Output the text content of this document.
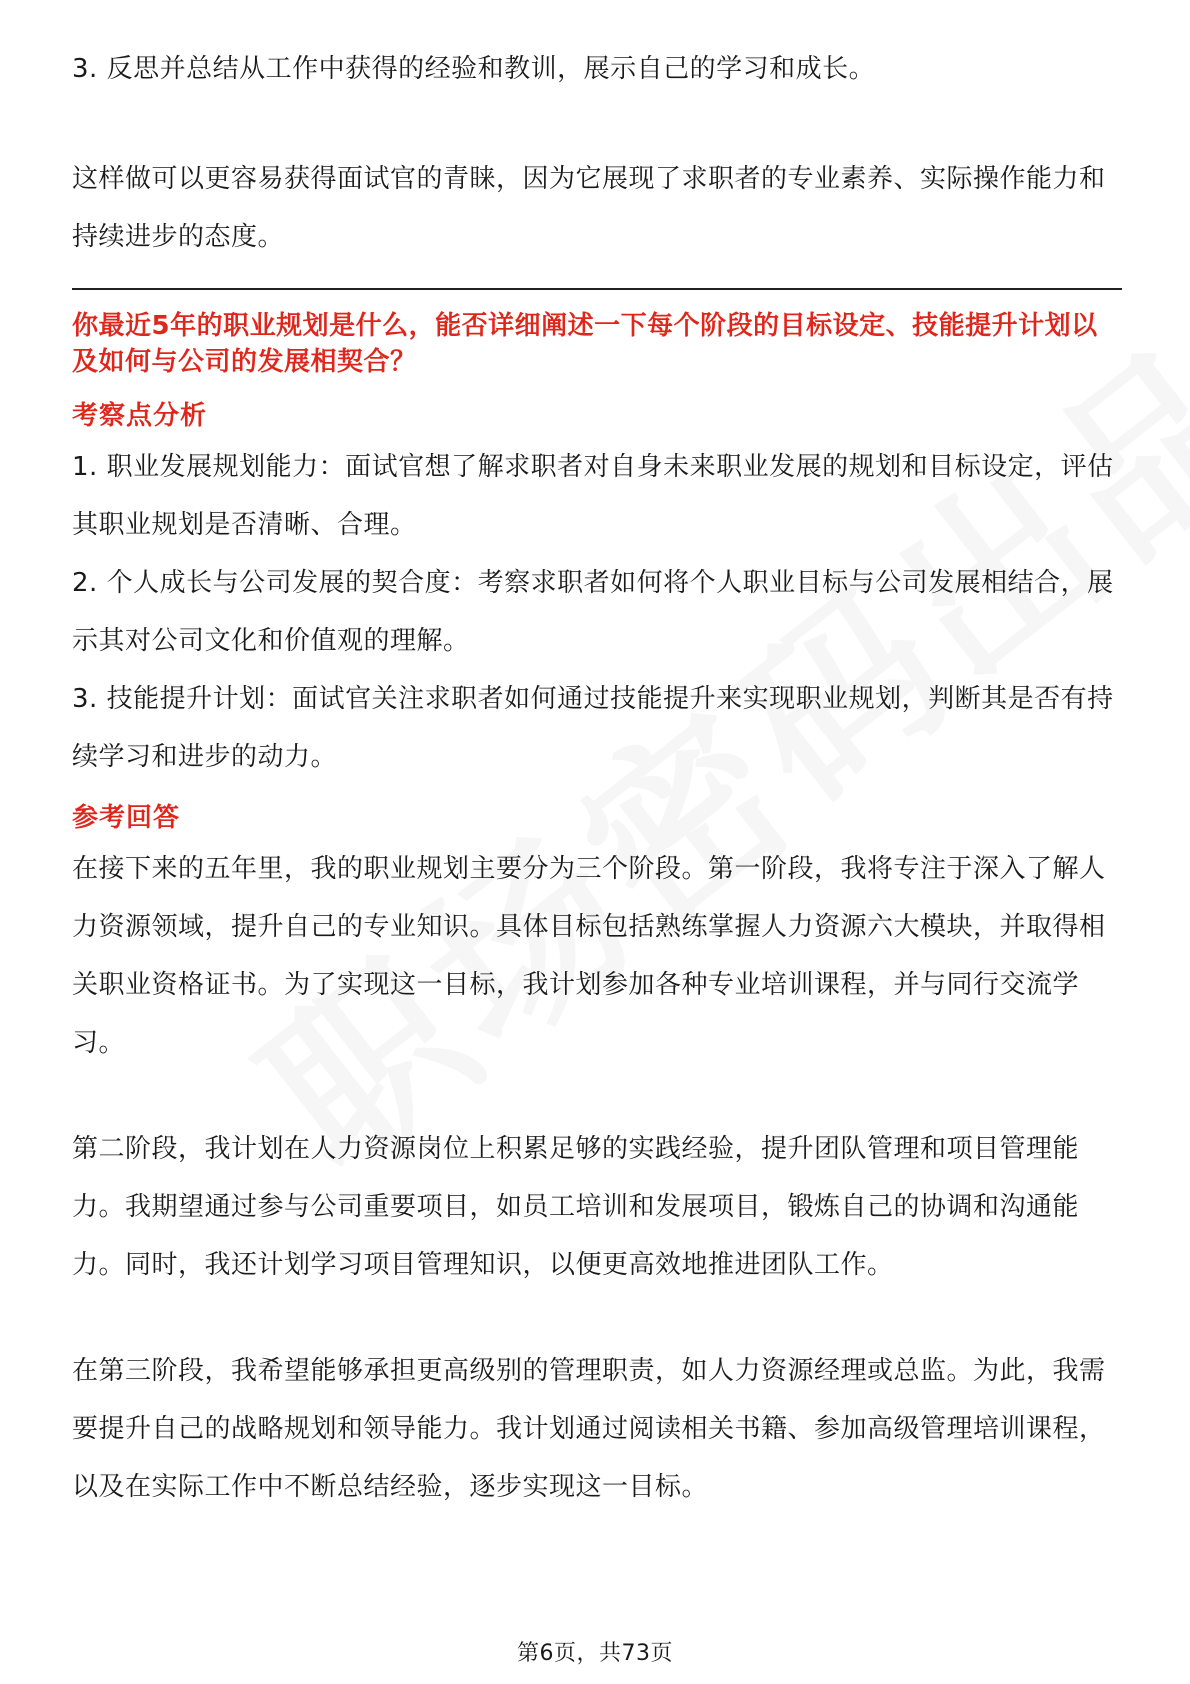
3. 反思并总结从工作中获得的经验和教训，展示自己的学习和成长。

这样做可以更容易获得面试官的青睐，因为它展现了求职者的专业素养、实际操作能力和持续进步的态度。

你最近5年的职业规划是什么，能否详细阐述一下每个阶段的目标设定、技能提升计划以及如何与公司的发展相契合？

考察点分析

1. 职业发展规划能力：面试官想了解求职者对自身未来职业发展的规划和目标设定，评估其职业规划是否清晰、合理。

2. 个人成长与公司发展的契合度：考察求职者如何将个人职业目标与公司发展相结合，展示其对公司文化和价值观的理解。

3. 技能提升计划：面试官关注求职者如何通过技能提升来实现职业规划，判断其是否有持续学习和进步的动力。

参考回答

在接下来的五年里，我的职业规划主要分为三个阶段。第一阶段，我将专注于深入了解人力资源领域，提升自己的专业知识。具体目标包括熟练掌握人力资源六大模块，并取得相关职业资格证书。为了实现这一目标，我计划参加各种专业培训课程，并与同行交流学习。

第二阶段，我计划在人力资源岗位上积累足够的实践经验，提升团队管理和项目管理能力。我期望通过参与公司重要项目，如员工培训和发展项目，锻炼自己的协调和沟通能力。同时，我还计划学习项目管理知识，以便更高效地推进团队工作。

在第三阶段，我希望能够承担更高级别的管理职责，如人力资源经理或总监。为此，我需要提升自己的战略规划和领导能力。我计划通过阅读相关书籍、参加高级管理培训课程，以及在实际工作中不断总结经验，逐步实现这一目标。

第6页，共73页
